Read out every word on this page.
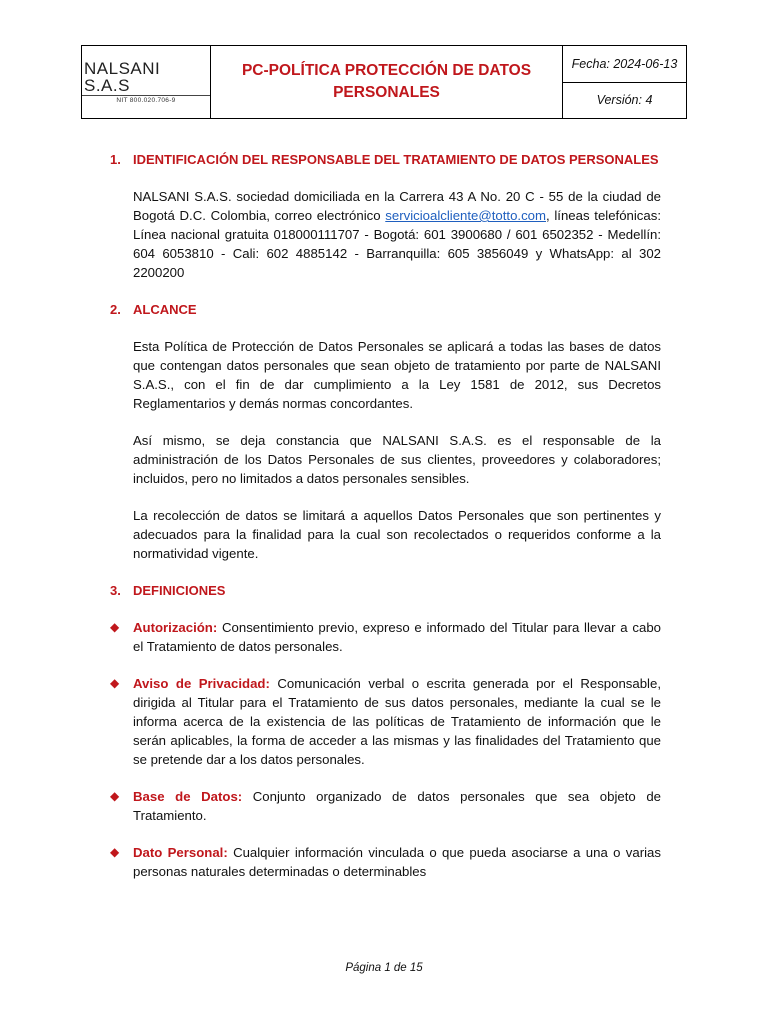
NALSANI S.A.S
NIT 800.020.706-9
PC-POLÍTICA PROTECCIÓN DE DATOS PERSONALES
Fecha: 2024-06-13
Versión: 4
1. IDENTIFICACIÓN DEL RESPONSABLE DEL TRATAMIENTO DE DATOS PERSONALES

NALSANI S.A.S. sociedad domiciliada en la Carrera 43 A No. 20 C - 55 de la ciudad de Bogotá D.C. Colombia, correo electrónico servicioalcliente@totto.com, líneas telefónicas: Línea nacional gratuita 018000111707 - Bogotá: 601 3900680 / 601 6502352 - Medellín: 604 6053810 - Cali: 602 4885142 - Barranquilla: 605 3856049 y WhatsApp: al 302 2200200

2. ALCANCE

Esta Política de Protección de Datos Personales se aplicará a todas las bases de datos que contengan datos personales que sean objeto de tratamiento por parte de NALSANI S.A.S., con el fin de dar cumplimiento a la Ley 1581 de 2012, sus Decretos Reglamentarios y demás normas concordantes.

Así mismo, se deja constancia que NALSANI S.A.S. es el responsable de la administración de los Datos Personales de sus clientes, proveedores y colaboradores; incluidos, pero no limitados a datos personales sensibles.

La recolección de datos se limitará a aquellos Datos Personales que son pertinentes y adecuados para la finalidad para la cual son recolectados o requeridos conforme a la normatividad vigente.

3. DEFINICIONES
◆	Autorización: Consentimiento previo, expreso e informado del Titular para llevar a cabo el Tratamiento de datos personales.

◆	Aviso de Privacidad: Comunicación verbal o escrita generada por el Responsable, dirigida al Titular para el Tratamiento de sus datos personales, mediante la cual se le informa acerca de la existencia de las políticas de Tratamiento de información que le serán aplicables, la forma de acceder a las mismas y las finalidades del Tratamiento que se pretende dar a los datos personales.

◆	Base de Datos: Conjunto organizado de datos personales que sea objeto de Tratamiento.

◆	Dato Personal: Cualquier información vinculada o que pueda asociarse a una o varias personas naturales determinadas o determinables

Página 1 de 15
